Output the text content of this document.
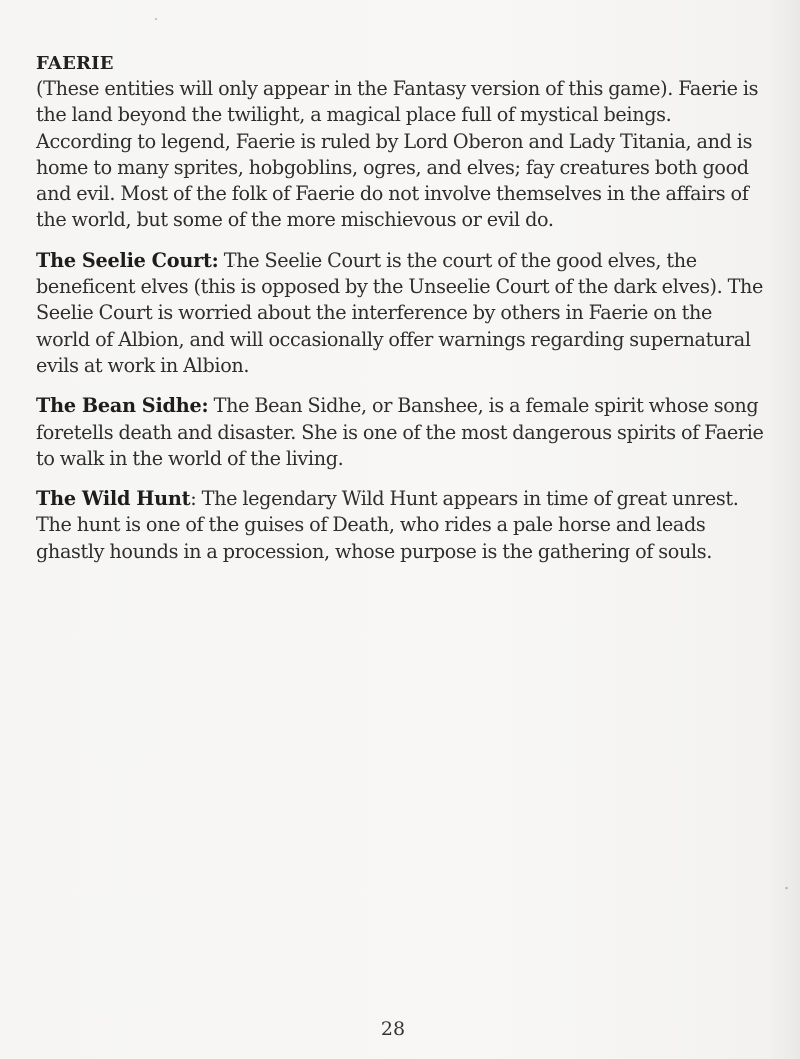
FAERIE

(These entities will only appear in the Fantasy version of this game). Faerie is the land beyond the twilight, a magical place full of mystical beings. According to legend, Faerie is ruled by Lord Oberon and Lady Titania, and is home to many sprites, hobgoblins, ogres, and elves; fay creatures both good and evil. Most of the folk of Faerie do not involve themselves in the affairs of the world, but some of the more mischievous or evil do.

The Seelie Court: The Seelie Court is the court of the good elves, the beneficent elves (this is opposed by the Unseelie Court of the dark elves). The Seelie Court is worried about the interference by others in Faerie on the world of Albion, and will occasionally offer warnings regarding supernatural evils at work in Albion.

The Bean Sidhe: The Bean Sidhe, or Banshee, is a female spirit whose song foretells death and disaster. She is one of the most dangerous spirits of Faerie to walk in the world of the living.

The Wild Hunt: The legendary Wild Hunt appears in time of great unrest. The hunt is one of the guises of Death, who rides a pale horse and leads ghastly hounds in a procession, whose purpose is the gathering of souls.

28
